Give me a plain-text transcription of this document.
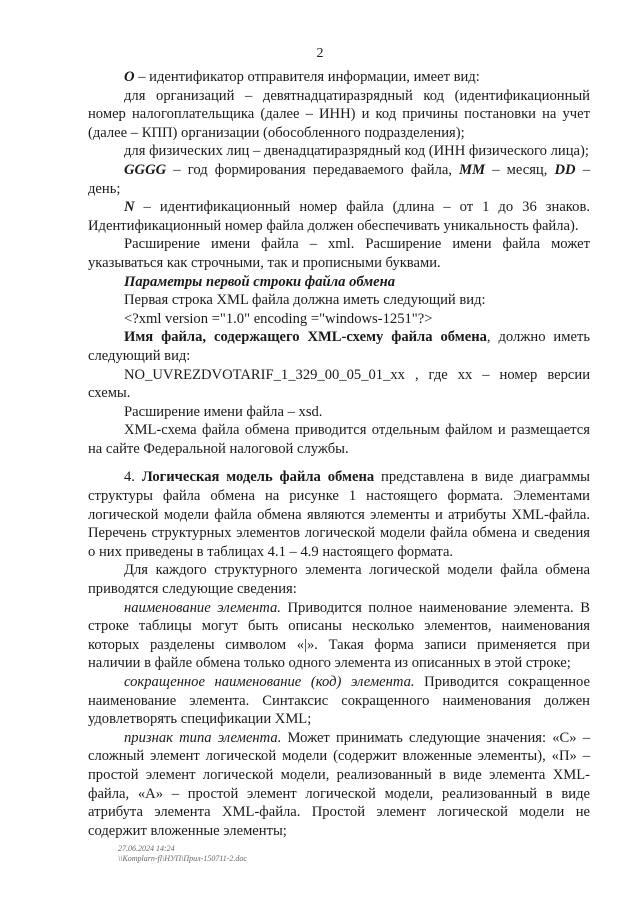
2

O – идентификатор отправителя информации, имеет вид:

для организаций – девятнадцатиразрядный код (идентификационный номер налогоплательщика (далее – ИНН) и код причины постановки на учет (далее – КПП) организации (обособленного подразделения);

для физических лиц – двенадцатиразрядный код (ИНН физического лица);

GGGG – год формирования передаваемого файла, MM – месяц, DD – день;

N – идентификационный номер файла (длина – от 1 до 36 знаков. Идентификационный номер файла должен обеспечивать уникальность файла).

Расширение имени файла – xml. Расширение имени файла может указываться как строчными, так и прописными буквами.

Параметры первой строки файла обмена

Первая строка XML файла должна иметь следующий вид:

<?xml version ="1.0" encoding ="windows-1251"?>

Имя файла, содержащего XML-схему файла обмена, должно иметь следующий вид:

NO_UVREZDVOTARIF_1_329_00_05_01_xx , где хх – номер версии схемы.

Расширение имени файла – xsd.

XML-схема файла обмена приводится отдельным файлом и размещается на сайте Федеральной налоговой службы.

4. Логическая модель файла обмена представлена в виде диаграммы структуры файла обмена на рисунке 1 настоящего формата. Элементами логической модели файла обмена являются элементы и атрибуты XML-файла. Перечень структурных элементов логической модели файла обмена и сведения о них приведены в таблицах 4.1 – 4.9 настоящего формата.

Для каждого структурного элемента логической модели файла обмена приводятся следующие сведения:

наименование элемента. Приводится полное наименование элемента. В строке таблицы могут быть описаны несколько элементов, наименования которых разделены символом «|». Такая форма записи применяется при наличии в файле обмена только одного элемента из описанных в этой строке;

сокращенное наименование (код) элемента. Приводится сокращенное наименование элемента. Синтаксис сокращенного наименования должен удовлетворять спецификации XML;

признак типа элемента. Может принимать следующие значения: «С» – сложный элемент логической модели (содержит вложенные элементы), «П» – простой элемент логической модели, реализованный в виде элемента XML-файла, «А» – простой элемент логической модели, реализованный в виде атрибута элемента XML-файла. Простой элемент логической модели не содержит вложенные элементы;

27.06.2024 14:24
\\Komplarn-fl\НУП\Прил-150711-2.doc
